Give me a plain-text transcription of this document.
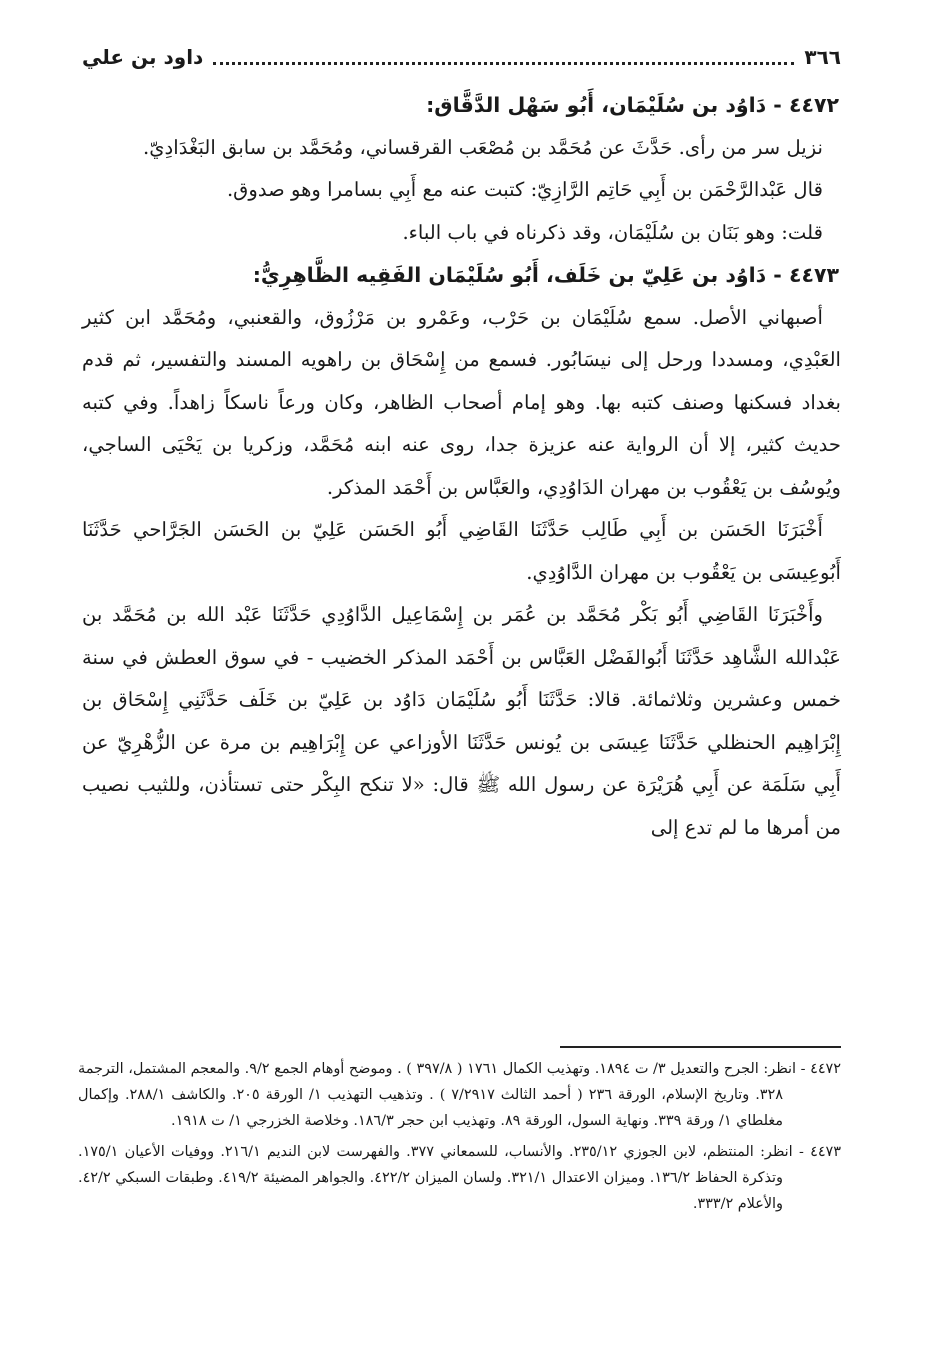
٣٦٦
داود بن علي

٤٤٧٢ - دَاوُد بن سُلَيْمَان، أَبُو سَهْل الدَّقَّاق:

نزيل سر من رأى. حَدَّثَ عن مُحَمَّد بن مُصْعَب القرقساني، ومُحَمَّد بن سابق البَغْدَادِيّ.

قال عَبْدالرَّحْمَن بن أَبِي حَاتِم الرَّازِيّ: كتبت عنه مع أَبِي بسامرا وهو صدوق.

قلت: وهو بَنَان بن سُلَيْمَان، وقد ذكرناه في باب الباء.

٤٤٧٣ - دَاوُد بن عَلِيّ بن خَلَف، أَبُو سُلَيْمَان الفَقِيه الظَّاهِرِيُّ:

أصبهاني الأصل. سمع سُلَيْمَان بن حَرْب، وعَمْرو بن مَرْزُوق، والقعنبي، ومُحَمَّد ابن كثير العَبْدِي، ومسددا ورحل إلى نيسَابُور. فسمع من إِسْحَاق بن راهويه المسند والتفسير، ثم قدم بغداد فسكنها وصنف كتبه بها. وهو إمام أصحاب الظاهر، وكان ورعاً ناسكاً زاهداً. وفي كتبه حديث كثير، إلا أن الرواية عنه عزيزة جدا، روى عنه ابنه مُحَمَّد، وزكريا بن يَحْيَى الساجي، ويُوسُف بن يَعْقُوب بن مهران الدَاوُدِي، والعَبَّاس بن أَحْمَد المذكر.

أَخْبَرَنَا الحَسَن بن أَبِي طَالِب حَدَّثَنَا القَاضِي أَبُو الحَسَن عَلِيّ بن الحَسَن الجَرَّاحي حَدَّثَنَا أَبُوعِيسَى بن يَعْقُوب بن مهران الدَّاوُدِي.

وأَخْبَرَنَا القَاضِي أَبُو بَكْر مُحَمَّد بن عُمَر بن إِسْمَاعِيل الدَّاوُدِي حَدَّثَنَا عَبْد الله بن مُحَمَّد بن عَبْدالله الشَّاهِد حَدَّثَنَا أَبُوالفَضْل العَبَّاس بن أَحْمَد المذكر الخضيب - في سوق العطش في سنة خمس وعشرين وثلاثمائة. قالا: حَدَّثَنَا أَبُو سُلَيْمَان دَاوُد بن عَلِيّ بن خَلَف حَدَّثَنِي إِسْحَاق بن إِبْرَاهِيم الحنظلي حَدَّثَنَا عِيسَى بن يُونس حَدَّثَنَا الأوزاعي عن إِبْرَاهِيم بن مرة عن الزُّهْرِيّ عن أَبِي سَلَمَة عن أَبِي هُرَيْرَة عن رسول الله ﷺ قال: «لا تنكح البِكْر حتى تستأذن، وللثيب نصيب من أمرها ما لم تدع إلى

٤٤٧٢ - انظر: الجرح والتعديل ٣/ ت ١٨٩٤. وتهذيب الكمال ١٧٦١ ( ٣٩٧/٨ ) . وموضح أوهام الجمع ٩/٢. والمعجم المشتمل، الترجمة ٣٢٨. وتاريخ الإسلام، الورقة ٢٣٦ ( أحمد الثالث ٧/٢٩١٧ ) . وتذهيب التهذيب ١/ الورقة ٢٠٥. والكاشف ٢٨٨/١. وإكمال مغلطاي ١/ ورقة ٣٣٩. ونهاية السول، الورقة ٨٩. وتهذيب ابن حجر ١٨٦/٣. وخلاصة الخزرجي ١/ ت ١٩١٨.

٤٤٧٣ - انظر: المنتظم، لابن الجوزي ٢٣٥/١٢. والأنساب، للسمعاني ٣٧٧. والفهرست لابن النديم ٢١٦/١. ووفيات الأعيان ١٧٥/١. وتذكرة الحفاظ ١٣٦/٢. وميزان الاعتدال ٣٢١/١. ولسان الميزان ٤٢٢/٢. والجواهر المضيئة ٤١٩/٢. وطبقات السبكي ٤٢/٢. والأعلام ٣٣٣/٢.
